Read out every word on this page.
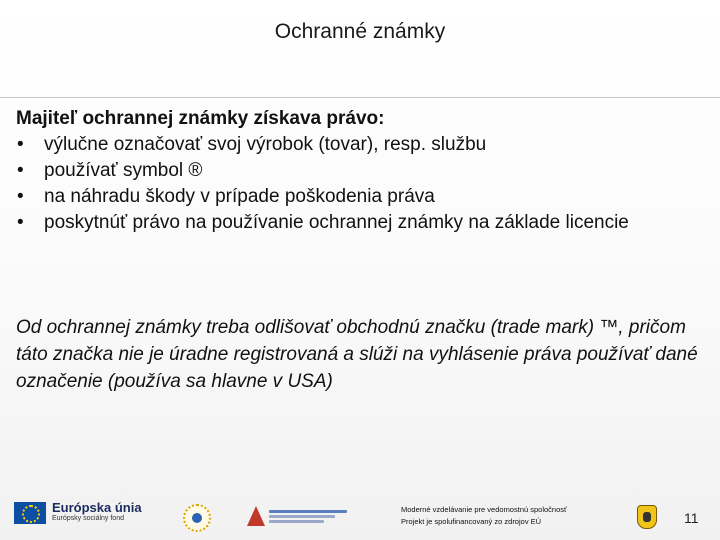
Ochranné známky
Majiteľ ochrannej známky získava právo:
• výlučne označovať svoj výrobok (tovar), resp. službu
• používať symbol ®
• na náhradu škody v prípade poškodenia práva
• poskytnúť právo na používanie ochrannej známky na základe licencie
Od ochrannej známky treba odlišovať obchodnú značku (trade mark) ™, pričom táto značka nie je úradne registrovaná a slúži na vyhlásenie práva používať dané označenie (používa sa hlavne v USA)
Európska únia
Európsky sociálny fond
Moderné vzdelávanie pre vedomostnú spoločnosť
Projekt je spolufinancovaný zo zdrojov EÚ	11
